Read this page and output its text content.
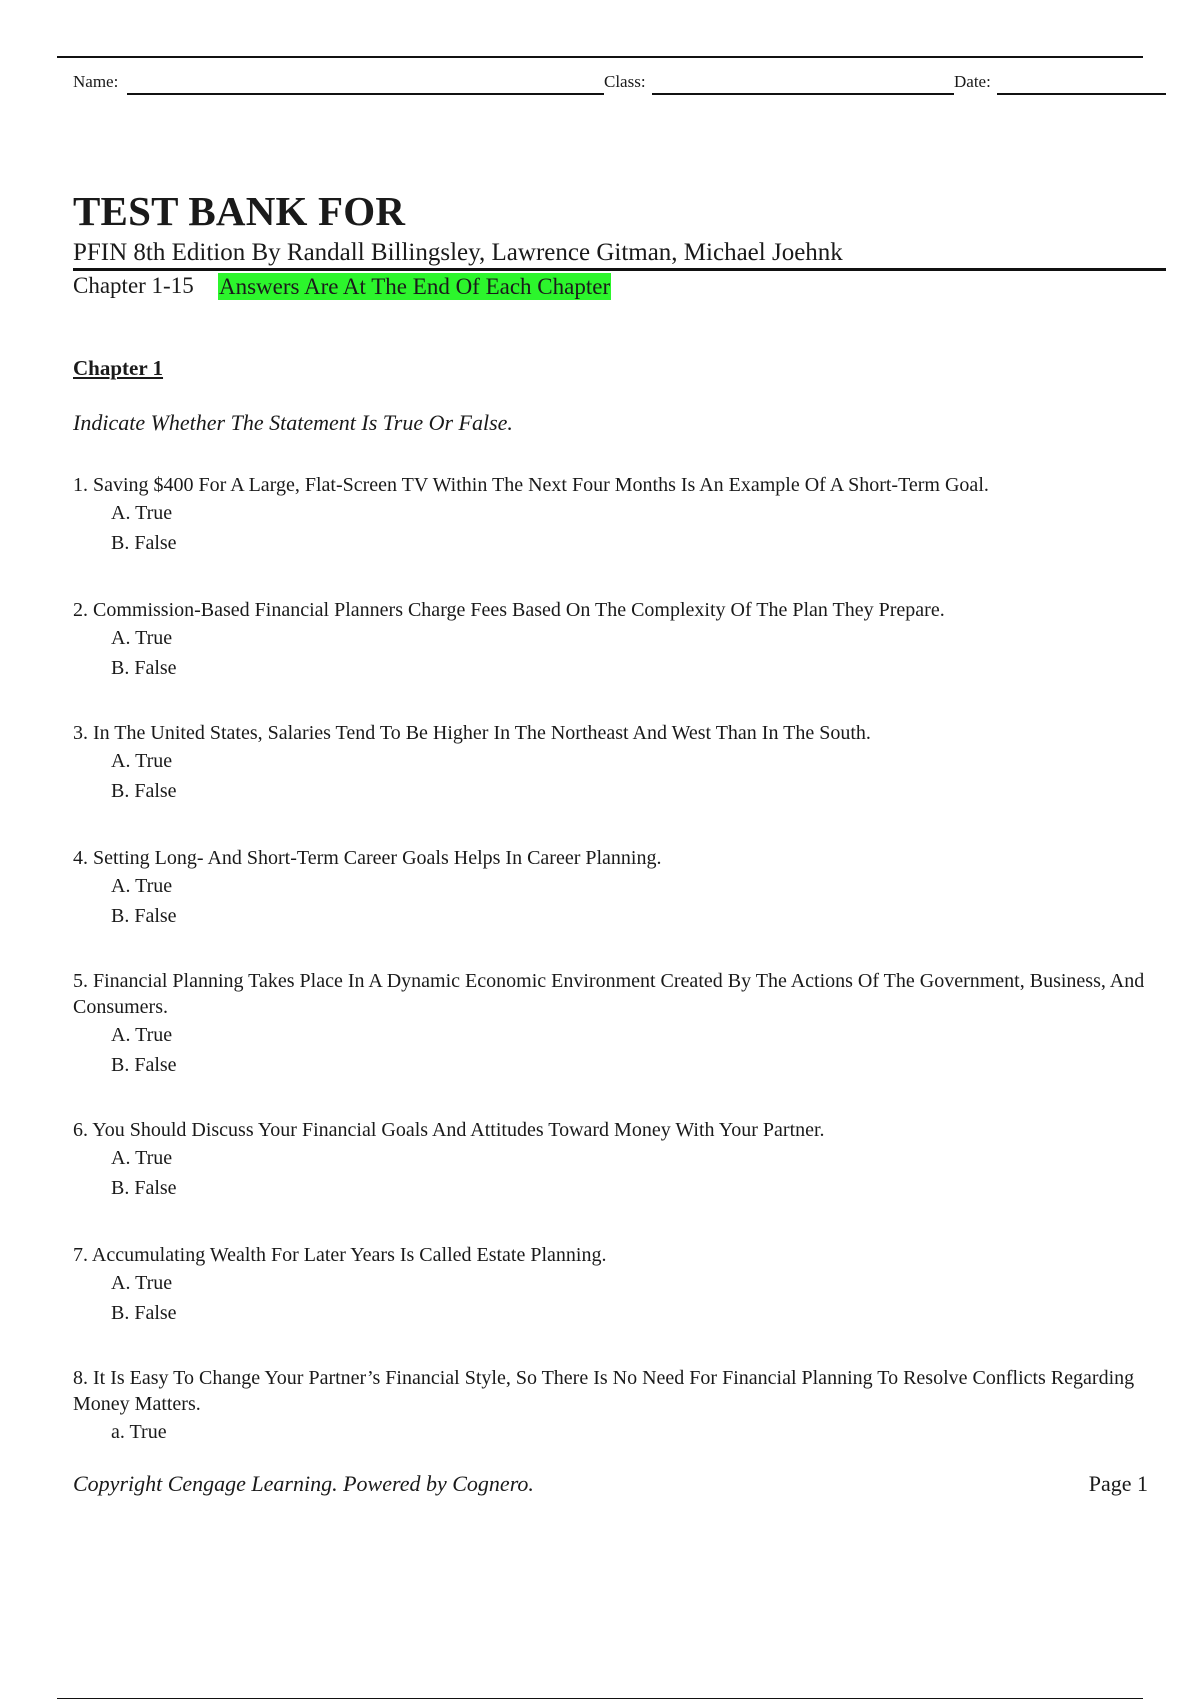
Name:	Class:	Date:
TEST BANK FOR

PFIN 8th Edition By Randall Billingsley, Lawrence Gitman, Michael Joehnk

Chapter 1-15 Answers Are At The End Of Each Chapter
Chapter 1
Indicate Whether The Statement Is True Or False.

1. Saving $400 For A Large, Flat-Screen TV Within The Next Four Months Is An Example Of A Short-Term Goal.

A. True

B. False

2. Commission-Based Financial Planners Charge Fees Based On The Complexity Of The Plan They Prepare.

A. True

B. False

3. In The United States, Salaries Tend To Be Higher In The Northeast And West Than In The South.

A. True

B. False

4. Setting Long- And Short-Term Career Goals Helps In Career Planning.

A. True

B. False

5. Financial Planning Takes Place In A Dynamic Economic Environment Created By The Actions Of The Government, Business, And Consumers.

A. True

B. False

6. You Should Discuss Your Financial Goals And Attitudes Toward Money With Your Partner.

A. True

B. False

7. Accumulating Wealth For Later Years Is Called Estate Planning.

A. True

B. False

8. It Is Easy To Change Your Partner’s Financial Style, So There Is No Need For Financial Planning To Resolve Conflicts Regarding Money Matters.

a. True

Copyright Cengage Learning. Powered by Cognero.	Page 1
